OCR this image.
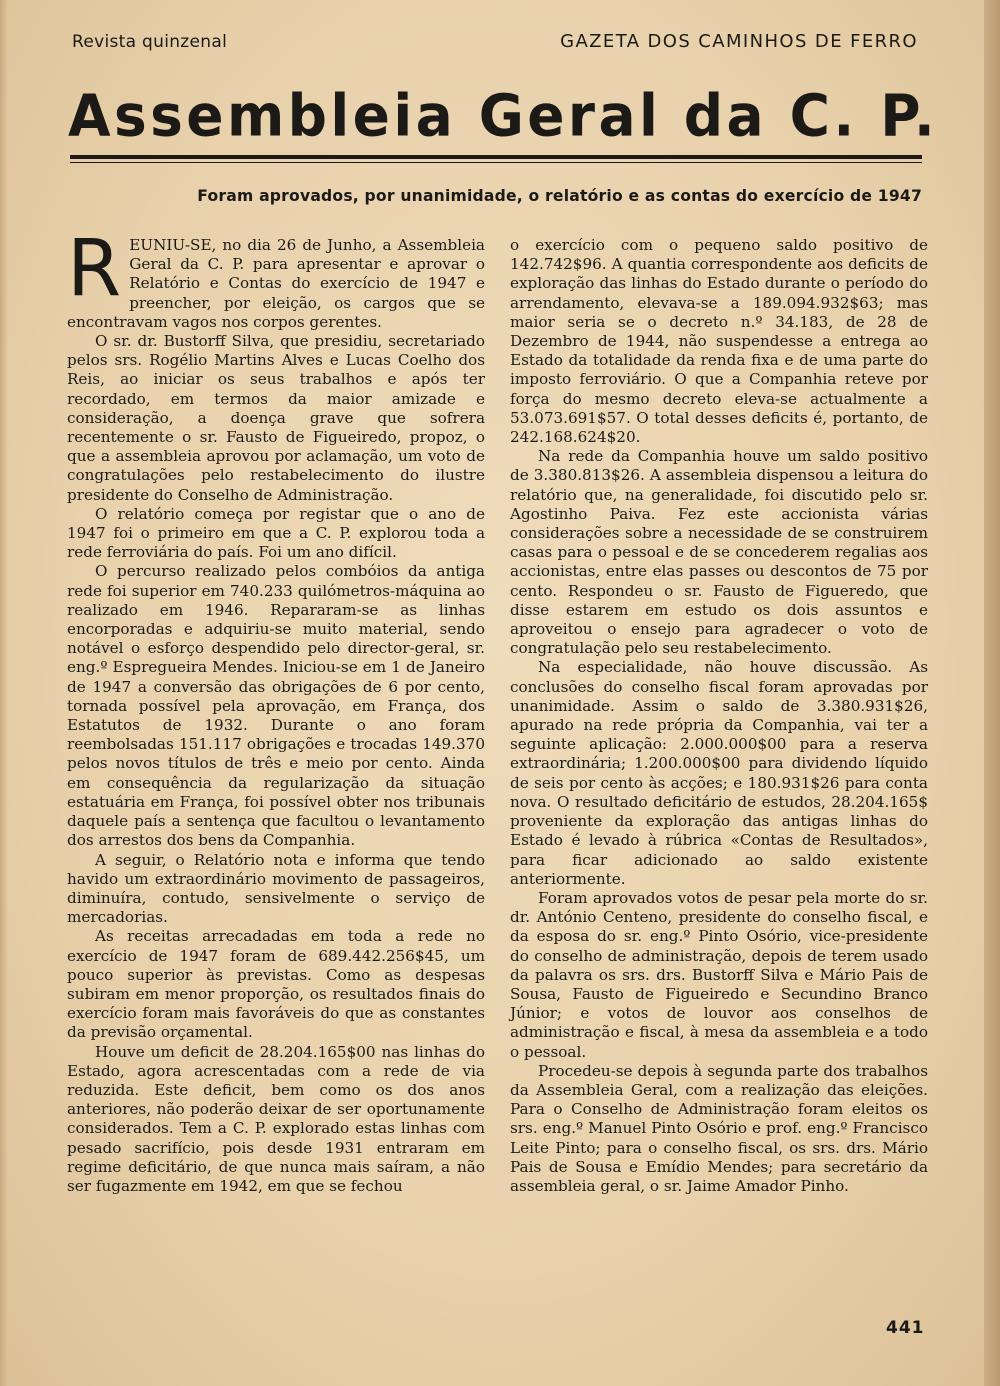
Revista quinzenal	GAZETA DOS CAMINHOS DE FERRO
Assembleia Geral da C. P.
Foram aprovados, por unanimidade, o relatório e as contas do exercício de 1947

REUNIU-SE, no dia 26 de Junho, a Assembleia Geral da C. P. para apresentar e aprovar o Relatório e Contas do exercício de 1947 e preencher, por eleição, os cargos que se encontravam vagos nos corpos gerentes.

O sr. dr. Bustorff Silva, que presidiu, secretariado pelos srs. Rogélio Martins Alves e Lucas Coelho dos Reis, ao iniciar os seus trabalhos e após ter recordado, em termos da maior amizade e consideração, a doença grave que sofrera recentemente o sr. Fausto de Figueiredo, propoz, o que a assembleia aprovou por aclamação, um voto de congratulações pelo restabelecimento do ilustre presidente do Conselho de Administração.

O relatório começa por registar que o ano de 1947 foi o primeiro em que a C. P. explorou toda a rede ferroviária do país. Foi um ano difícil.

O percurso realizado pelos combóios da antiga rede foi superior em 740.233 quilómetros-máquina ao realizado em 1946. Repararam-se as linhas encorporadas e adquiriu-se muito material, sendo notável o esforço despendido pelo director-geral, sr. eng.º Espregueira Mendes. Iniciou-se em 1 de Janeiro de 1947 a conversão das obrigações de 6 por cento, tornada possível pela aprovação, em França, dos Estatutos de 1932. Durante o ano foram reembolsadas 151.117 obrigações e trocadas 149.370 pelos novos títulos de três e meio por cento. Ainda em consequência da regularização da situação estatuária em França, foi possível obter nos tribunais daquele país a sentença que facultou o levantamento dos arrestos dos bens da Companhia.

A seguir, o Relatório nota e informa que tendo havido um extraordinário movimento de passageiros, diminuíra, contudo, sensivelmente o serviço de mercadorias.

As receitas arrecadadas em toda a rede no exercício de 1947 foram de 689.442.256$45, um pouco superior às previstas. Como as despesas subiram em menor proporção, os resultados finais do exercício foram mais favoráveis do que as constantes da previsão orçamental.

Houve um deficit de 28.204.165$00 nas linhas do Estado, agora acrescentadas com a rede de via reduzida. Este deficit, bem como os dos anos anteriores, não poderão deixar de ser oportunamente considerados. Tem a C. P. explorado estas linhas com pesado sacrifício, pois desde 1931 entraram em regime deficitário, de que nunca mais saíram, a não ser fugazmente em 1942, em que se fechou

o exercício com o pequeno saldo positivo de 142.742$96. A quantia correspondente aos deficits de exploração das linhas do Estado durante o período do arrendamento, elevava-se a 189.094.932$63; mas maior seria se o decreto n.º 34.183, de 28 de Dezembro de 1944, não suspendesse a entrega ao Estado da totalidade da renda fixa e de uma parte do imposto ferroviário. O que a Companhia reteve por força do mesmo decreto eleva-se actualmente a 53.073.691$57. O total desses deficits é, portanto, de 242.168.624$20.

Na rede da Companhia houve um saldo positivo de 3.380.813$26. A assembleia dispensou a leitura do relatório que, na generalidade, foi discutido pelo sr. Agostinho Paiva. Fez este accionista várias considerações sobre a necessidade de se construirem casas para o pessoal e de se concederem regalias aos accionistas, entre elas passes ou descontos de 75 por cento. Respondeu o sr. Fausto de Figueredo, que disse estarem em estudo os dois assuntos e aproveitou o ensejo para agradecer o voto de congratulação pelo seu restabelecimento.

Na especialidade, não houve discussão. As conclusões do conselho fiscal foram aprovadas por unanimidade. Assim o saldo de 3.380.931$26, apurado na rede própria da Companhia, vai ter a seguinte aplicação: 2.000.000$00 para a reserva extraordinária; 1.200.000$00 para dividendo líquido de seis por cento às acções; e 180.931$26 para conta nova. O resultado deficitário de estudos, 28.204.165$ proveniente da exploração das antigas linhas do Estado é levado à rúbrica «Contas de Resultados», para ficar adicionado ao saldo existente anteriormente.

Foram aprovados votos de pesar pela morte do sr. dr. António Centeno, presidente do conselho fiscal, e da esposa do sr. eng.º Pinto Osório, vice-presidente do conselho de administração, depois de terem usado da palavra os srs. drs. Bustorff Silva e Mário Pais de Sousa, Fausto de Figueiredo e Secundino Branco Júnior; e votos de louvor aos conselhos de administração e fiscal, à mesa da assembleia e a todo o pessoal.

Procedeu-se depois à segunda parte dos trabalhos da Assembleia Geral, com a realização das eleições. Para o Conselho de Administração foram eleitos os srs. eng.º Manuel Pinto Osório e prof. eng.º Francisco Leite Pinto; para o conselho fiscal, os srs. drs. Mário Pais de Sousa e Emídio Mendes; para secretário da assembleia geral, o sr. Jaime Amador Pinho.

441
